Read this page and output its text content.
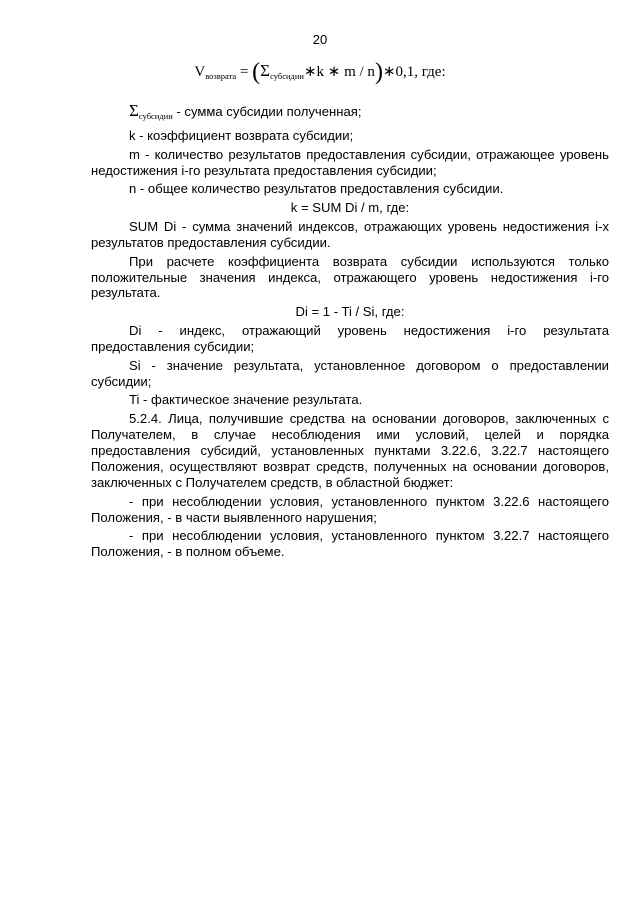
20
$V_{возврата}$ = ($\Sigma_{субсидии}∗k$ ∗ m / n)∗0,1, где:

$\Sigma_{субсидии}$ - сумма субсидии полученная;

k - коэффициент возврата субсидии;

m - количество результатов предоставления субсидии, отражающее уровень недостижения i-го результата предоставления субсидии;

n - общее количество результатов предоставления субсидии.

k = SUM Di / m, где:

SUM Di - сумма значений индексов, отражающих уровень недостижения i-х результатов предоставления субсидии.

При расчете коэффициента возврата субсидии используются только положительные значения индекса, отражающего уровень недостижения i-го результата.

Di = 1 - Ti / Si, где:

Di - индекс, отражающий уровень недостижения i-го результата предоставления субсидии;

Si - значение результата, установленное договором о предоставлении субсидии;

Ti - фактическое значение результата.

5.2.4. Лица, получившие средства на основании договоров, заключенных с Получателем, в случае несоблюдения ими условий, целей и порядка предоставления субсидий, установленных пунктами 3.22.6, 3.22.7 настоящего Положения, осуществляют возврат средств, полученных на основании договоров, заключенных с Получателем средств, в областной бюджет:

- при несоблюдении условия, установленного пунктом 3.22.6 настоящего Положения, - в части выявленного нарушения;

- при несоблюдении условия, установленного пунктом 3.22.7 настоящего Положения, - в полном объеме.
